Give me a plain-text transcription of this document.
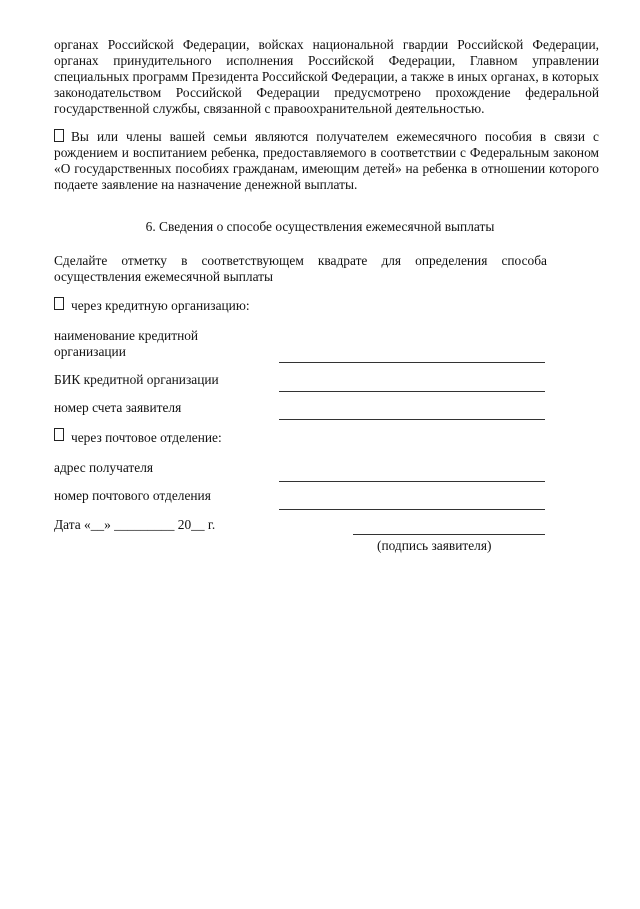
органах Российской Федерации, войсках национальной гвардии Российской Федерации, органах принудительного исполнения Российской Федерации, Главном управлении специальных программ Президента Российской Федерации, а также в иных органах, в которых законодательством Российской Федерации предусмотрено прохождение федеральной государственной службы, связанной с правоохранительной деятельностью.
Вы или члены вашей семьи являются получателем ежемесячного пособия в связи с рождением и воспитанием ребенка, предоставляемого в соответствии с Федеральным законом «О государственных пособиях гражданам, имеющим детей» на ребенка в отношении которого подаете заявление на назначение денежной выплаты.
6. Сведения о способе осуществления ежемесячной выплаты
Сделайте отметку в соответствующем квадрате для определения способа осуществления ежемесячной выплаты
через кредитную организацию:
наименование кредитной организации
БИК кредитной организации
номер счета заявителя
через почтовое отделение:
адрес получателя
номер почтового отделения
Дата «__» _________ 20__ г.
(подпись заявителя)
